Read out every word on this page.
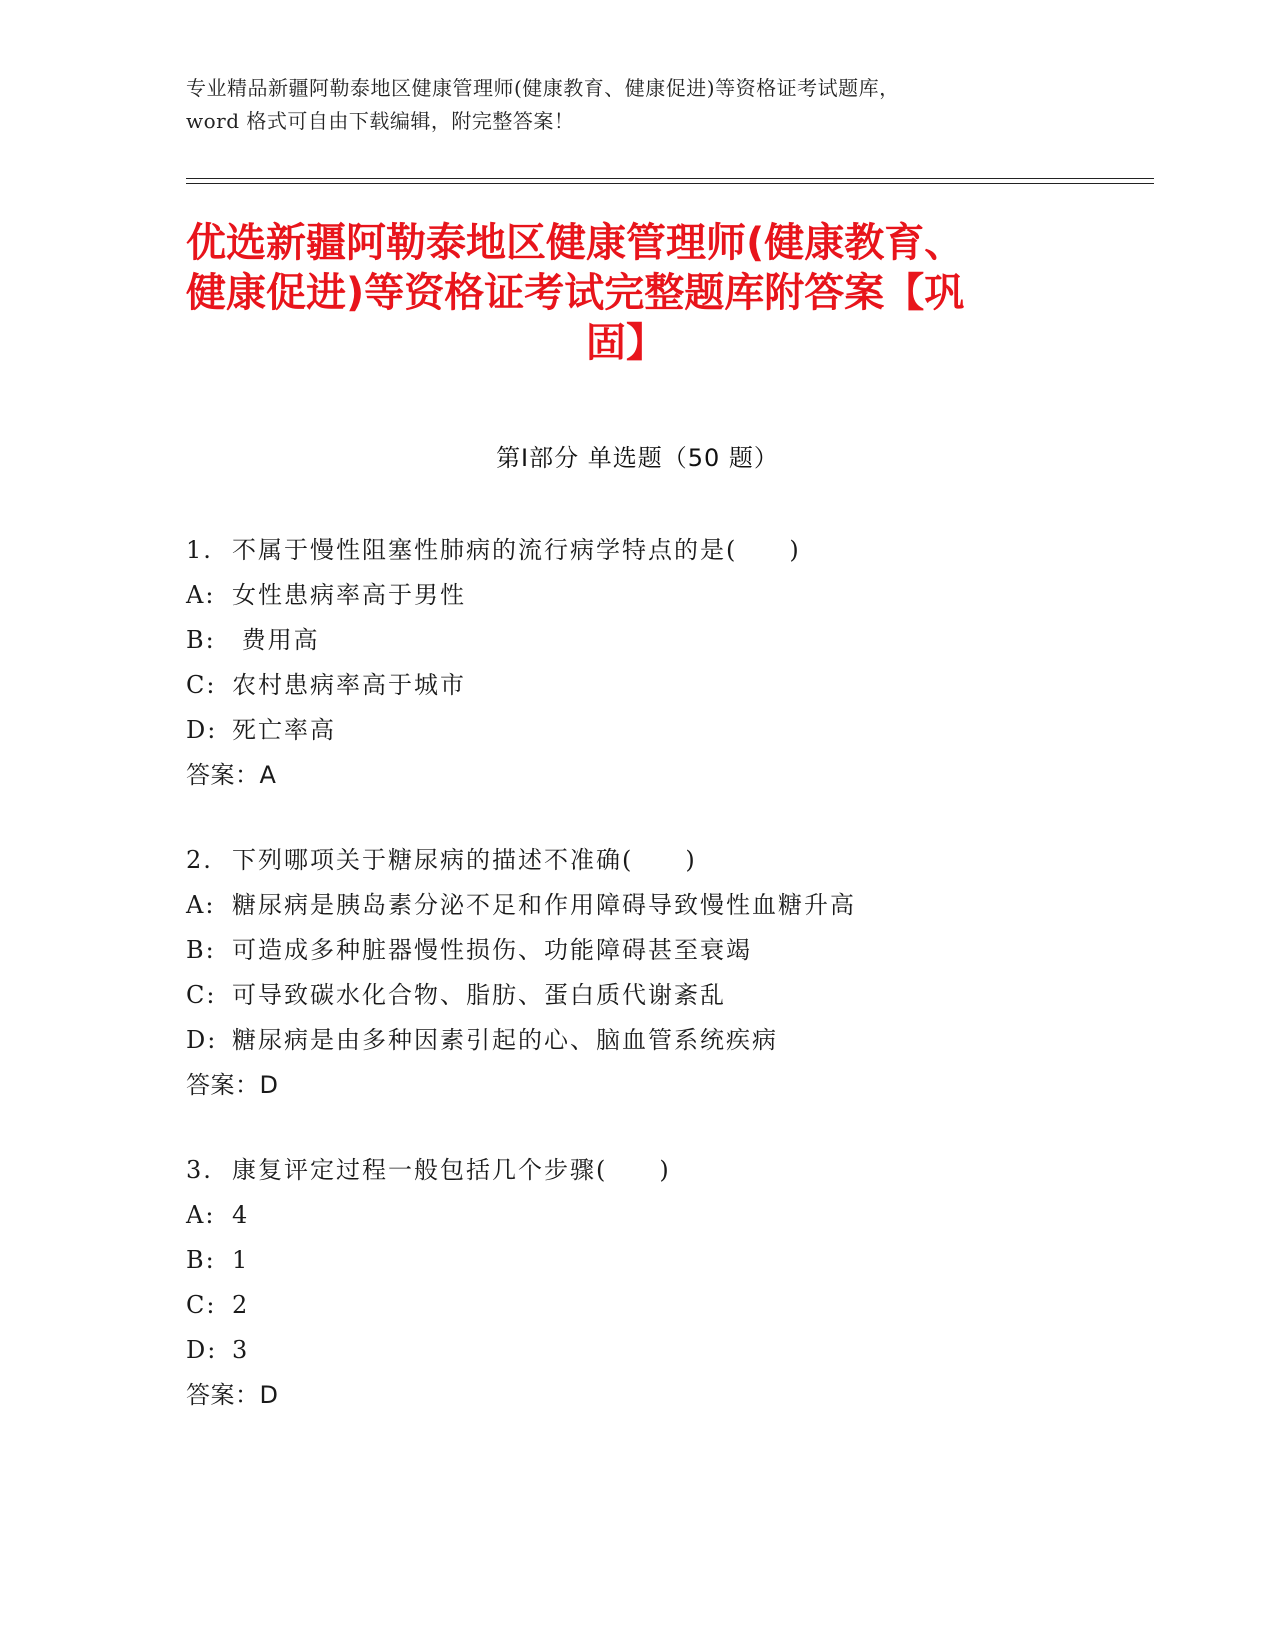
专业精品新疆阿勒泰地区健康管理师(健康教育、健康促进)等资格证考试题库，
word 格式可自由下载编辑，附完整答案！
优选新疆阿勒泰地区健康管理师(健康教育、
健康促进)等资格证考试完整题库附答案【巩
固】
第Ⅰ部分 单选题（50 题）
1. 不属于慢性阻塞性肺病的流行病学特点的是(　　)
A: 女性患病率高于男性
B: 费用高
C: 农村患病率高于城市
D: 死亡率高
答案：A
2. 下列哪项关于糖尿病的描述不准确(　　)
A: 糖尿病是胰岛素分泌不足和作用障碍导致慢性血糖升高
B: 可造成多种脏器慢性损伤、功能障碍甚至衰竭
C: 可导致碳水化合物、脂肪、蛋白质代谢紊乱
D: 糖尿病是由多种因素引起的心、脑血管系统疾病
答案：D
3. 康复评定过程一般包括几个步骤(　　)
A: 4
B: 1
C: 2
D: 3
答案：D
